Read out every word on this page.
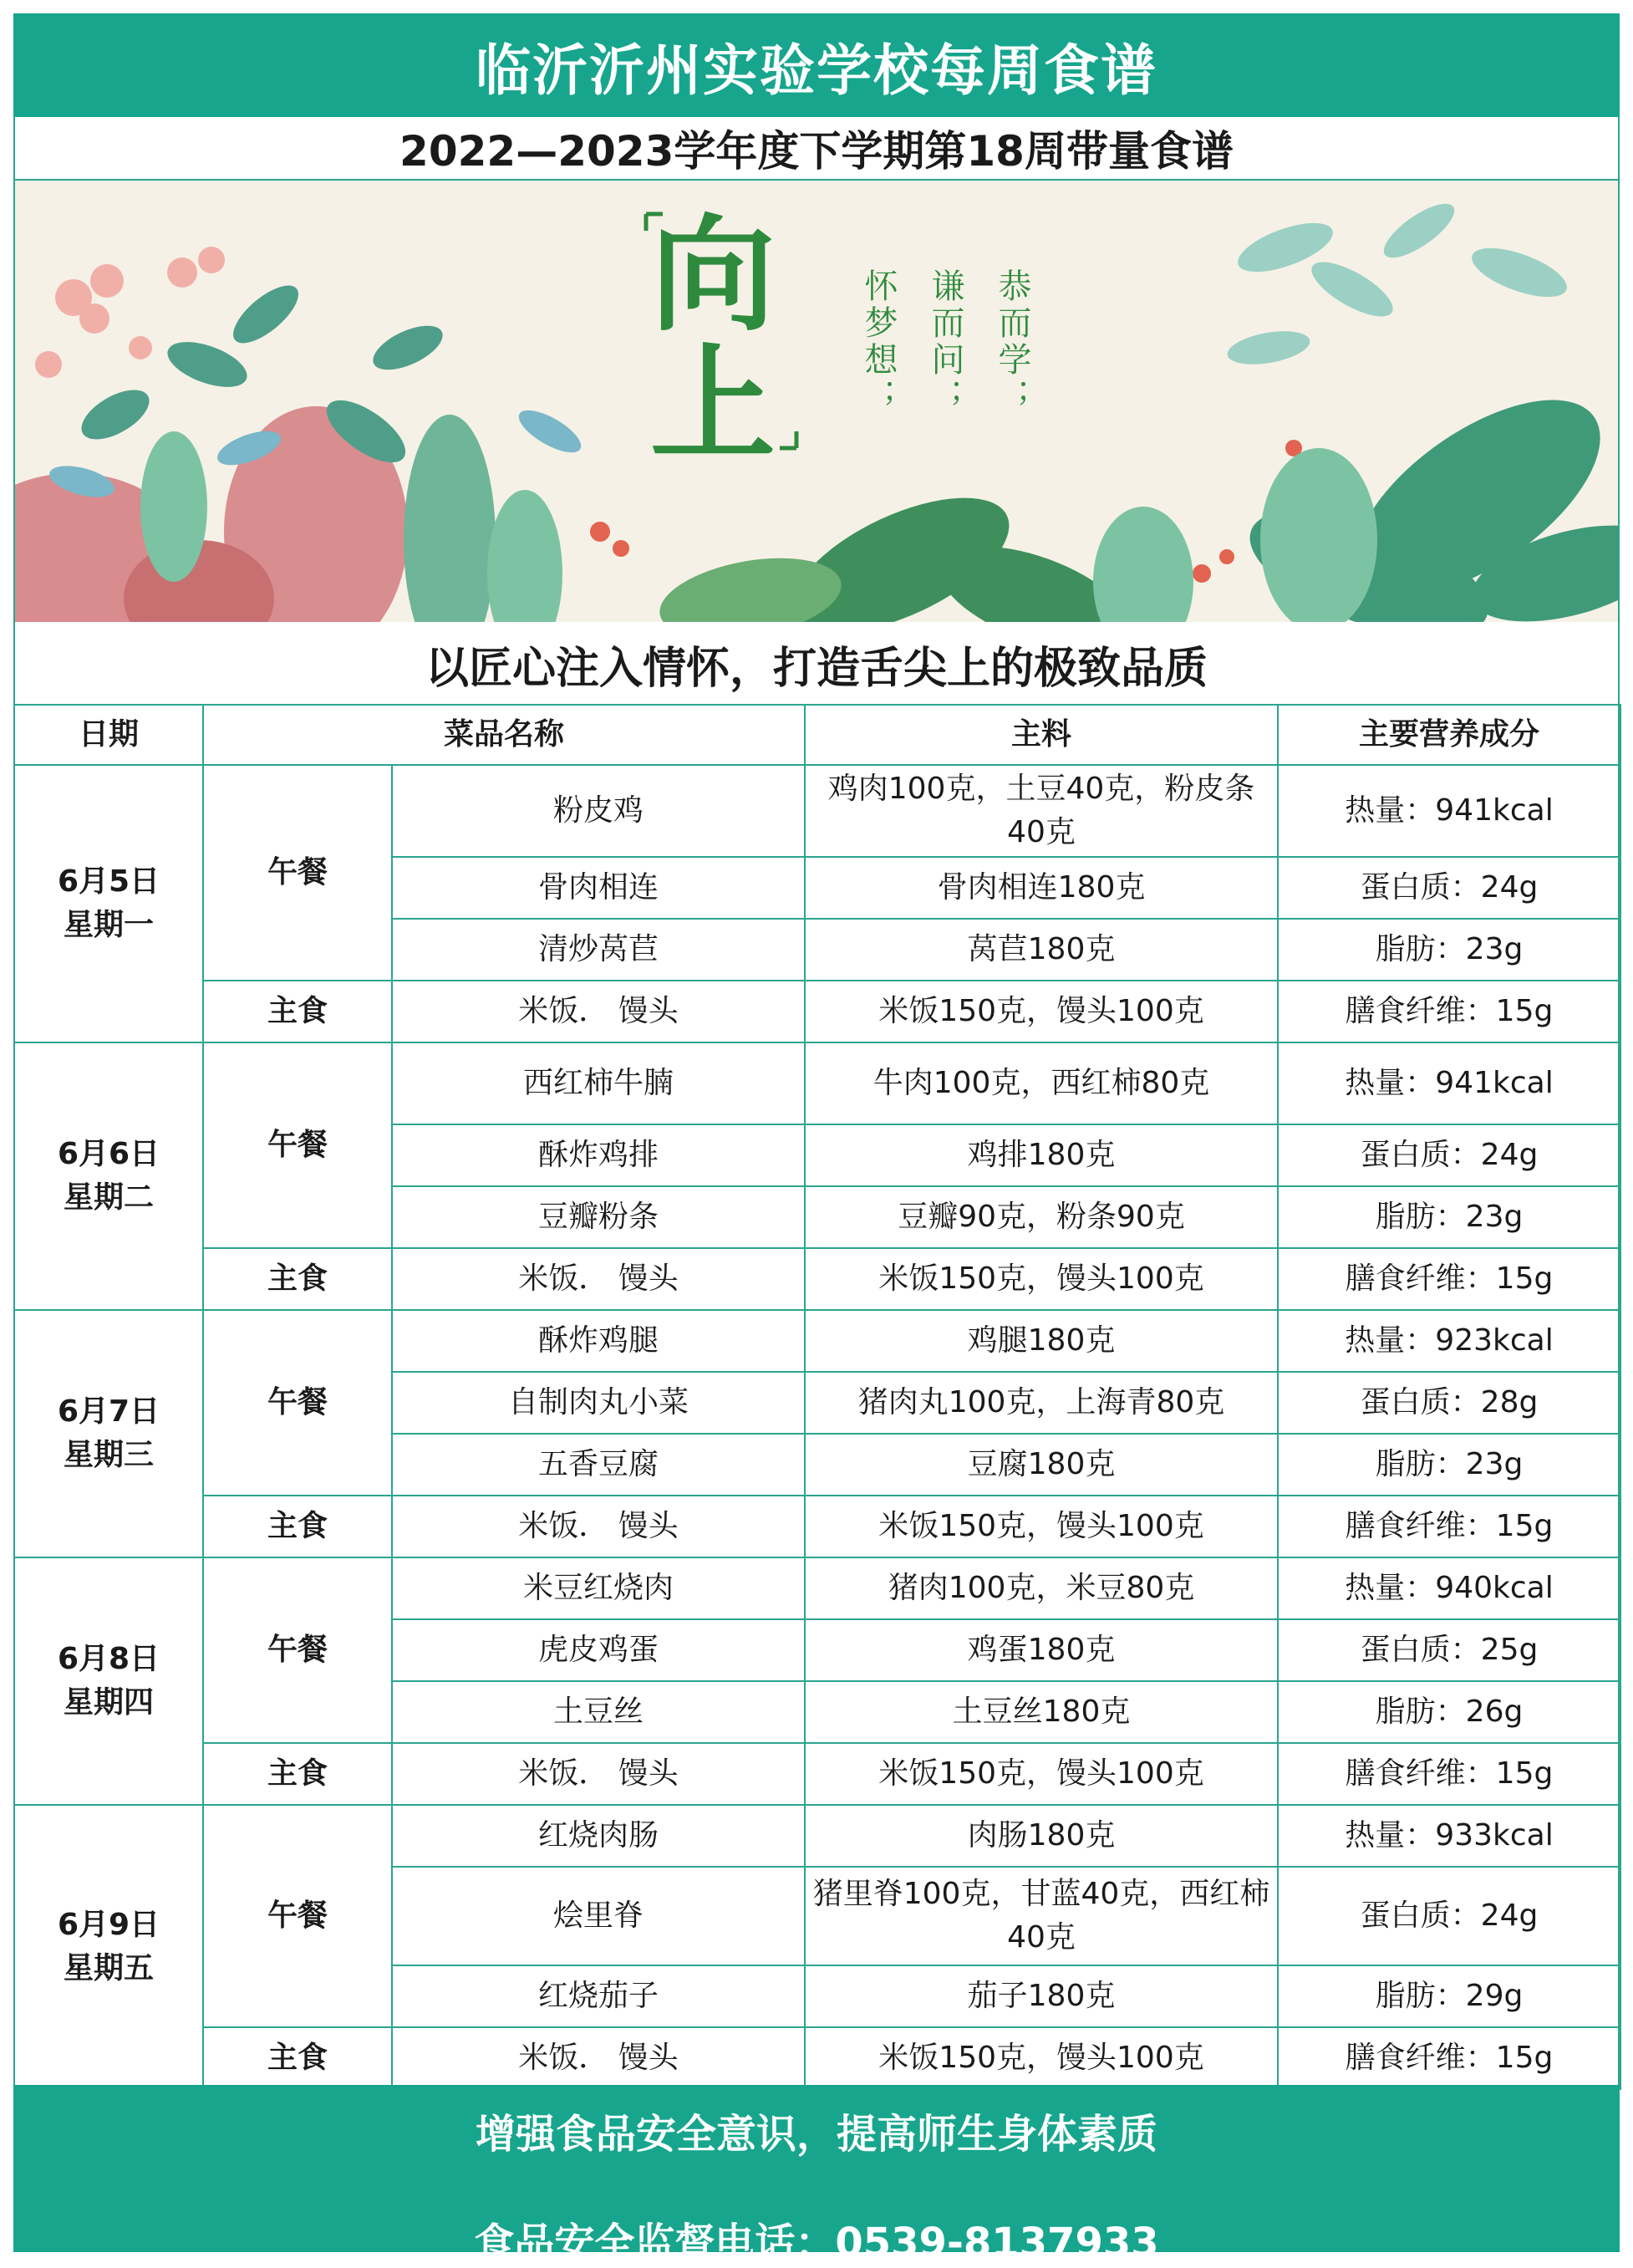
临沂沂州实验学校每周食谱
2022—2023学年度下学期第18周带量食谱
向
上	恭而学；
谦而问；
怀梦想；
以匠心注入情怀，打造舌尖上的极致品质
日期	菜品名称		主料	主要营养成分

6月5日
星期一	午餐	粉皮鸡	鸡肉100克，土豆40克，粉皮条40克	热量：941kcal
		骨肉相连	骨肉相连180克	蛋白质：24g
		清炒莴苣	莴苣180克	脂肪：23g
	主食	米饭． 馒头	米饭150克，馒头100克	膳食纤维：15g

6月6日
星期二	午餐	西红柿牛腩	牛肉100克，西红柿80克	热量：941kcal
		酥炸鸡排	鸡排180克	蛋白质：24g
		豆瓣粉条	豆瓣90克，粉条90克	脂肪：23g
	主食	米饭． 馒头	米饭150克，馒头100克	膳食纤维：15g

6月7日
星期三	午餐	酥炸鸡腿	鸡腿180克	热量：923kcal
		自制肉丸小菜	猪肉丸100克，上海青80克	蛋白质：28g
		五香豆腐	豆腐180克	脂肪：23g
	主食	米饭． 馒头	米饭150克，馒头100克	膳食纤维：15g

6月8日
星期四	午餐	米豆红烧肉	猪肉100克，米豆80克	热量：940kcal
		虎皮鸡蛋	鸡蛋180克	蛋白质：25g
		土豆丝	土豆丝180克	脂肪：26g
	主食	米饭． 馒头	米饭150克，馒头100克	膳食纤维：15g

6月9日
星期五	午餐	红烧肉肠	肉肠180克	热量：933kcal
		烩里脊	猪里脊100克，甘蓝40克，西红柿40克	蛋白质：24g
		红烧茄子	茄子180克	脂肪：29g
	主食	米饭． 馒头	米饭150克，馒头100克	膳食纤维：15g
增强食品安全意识，提高师生身体素质
食品安全监督电话：0539-8137933
